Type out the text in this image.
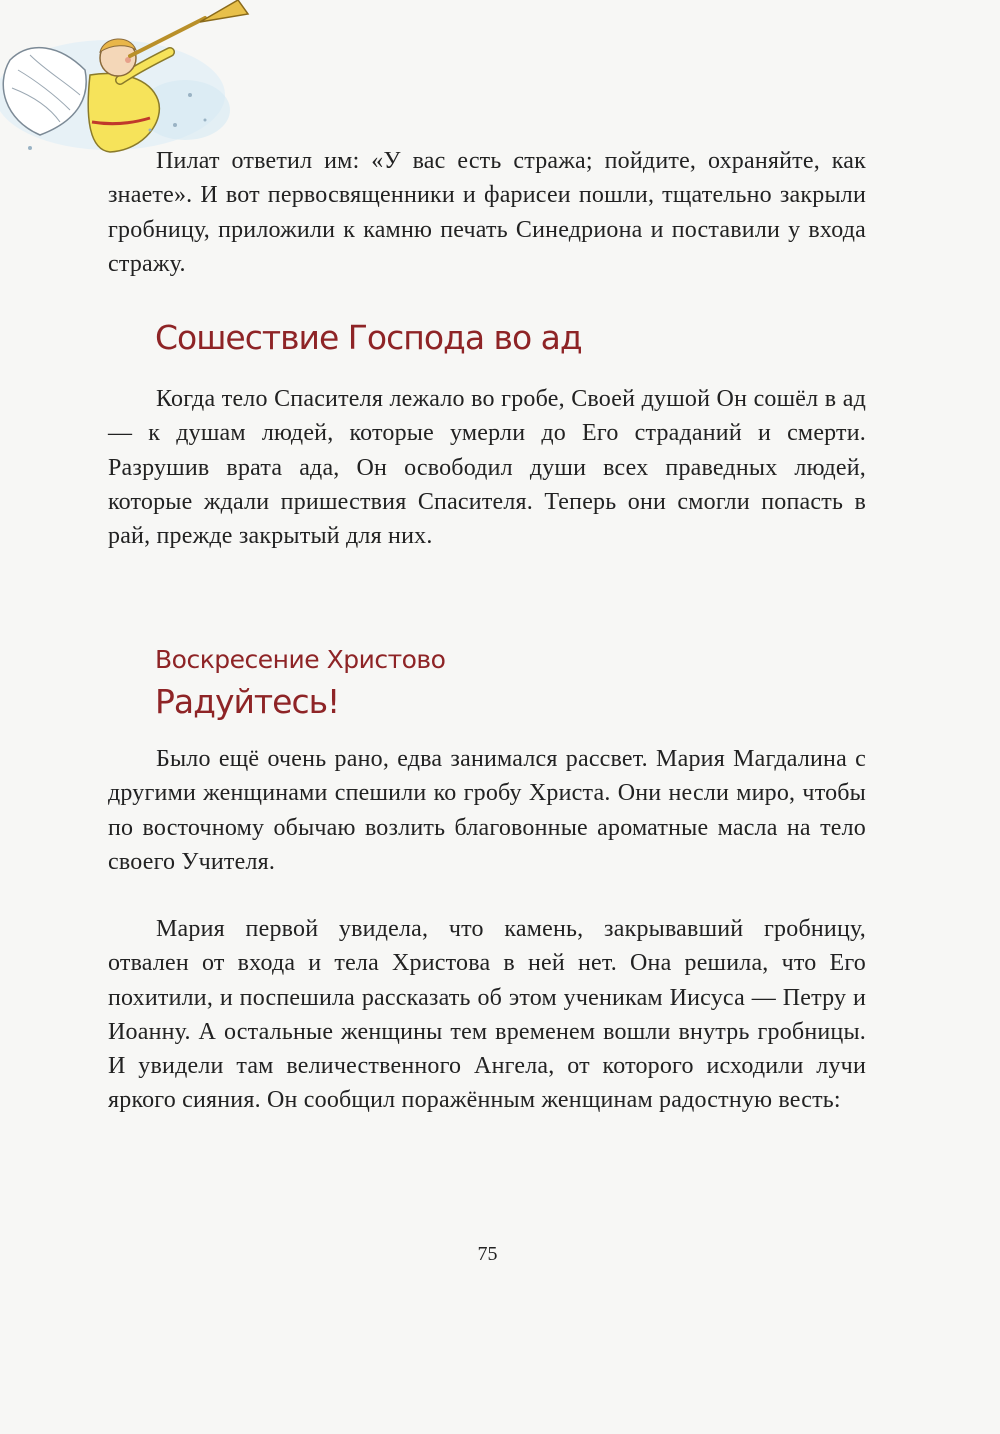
Пилат ответил им: «У вас есть стража; пойдите, охраняйте, как знаете». И вот первосвященники и фарисеи пошли, тщательно закрыли гробницу, приложили к камню печать Синедриона и поставили у входа стражу.

Сошествие Господа во ад

Когда тело Спасителя лежало во гробе, Своей душой Он сошёл в ад — к душам людей, которые умерли до Его страданий и смерти. Разрушив врата ада, Он освободил души всех праведных людей, которые ждали пришествия Спасителя. Теперь они смогли попасть в рай, прежде закрытый для них.

Воскресение Христово
Радуйтесь!

Было ещё очень рано, едва занимался рассвет. Мария Магдалина с другими женщинами спешили ко гробу Христа. Они несли миро, чтобы по восточному обычаю возлить благовонные ароматные масла на тело своего Учителя.

Мария первой увидела, что камень, закрывавший гробницу, отвален от входа и тела Христова в ней нет. Она решила, что Его похитили, и поспешила рассказать об этом ученикам Иисуса — Петру и Иоанну. А остальные женщины тем временем вошли внутрь гробницы. И увидели там величественного Ангела, от которого исходили лучи яркого сияния. Он сообщил поражённым женщинам радостную весть:

75
